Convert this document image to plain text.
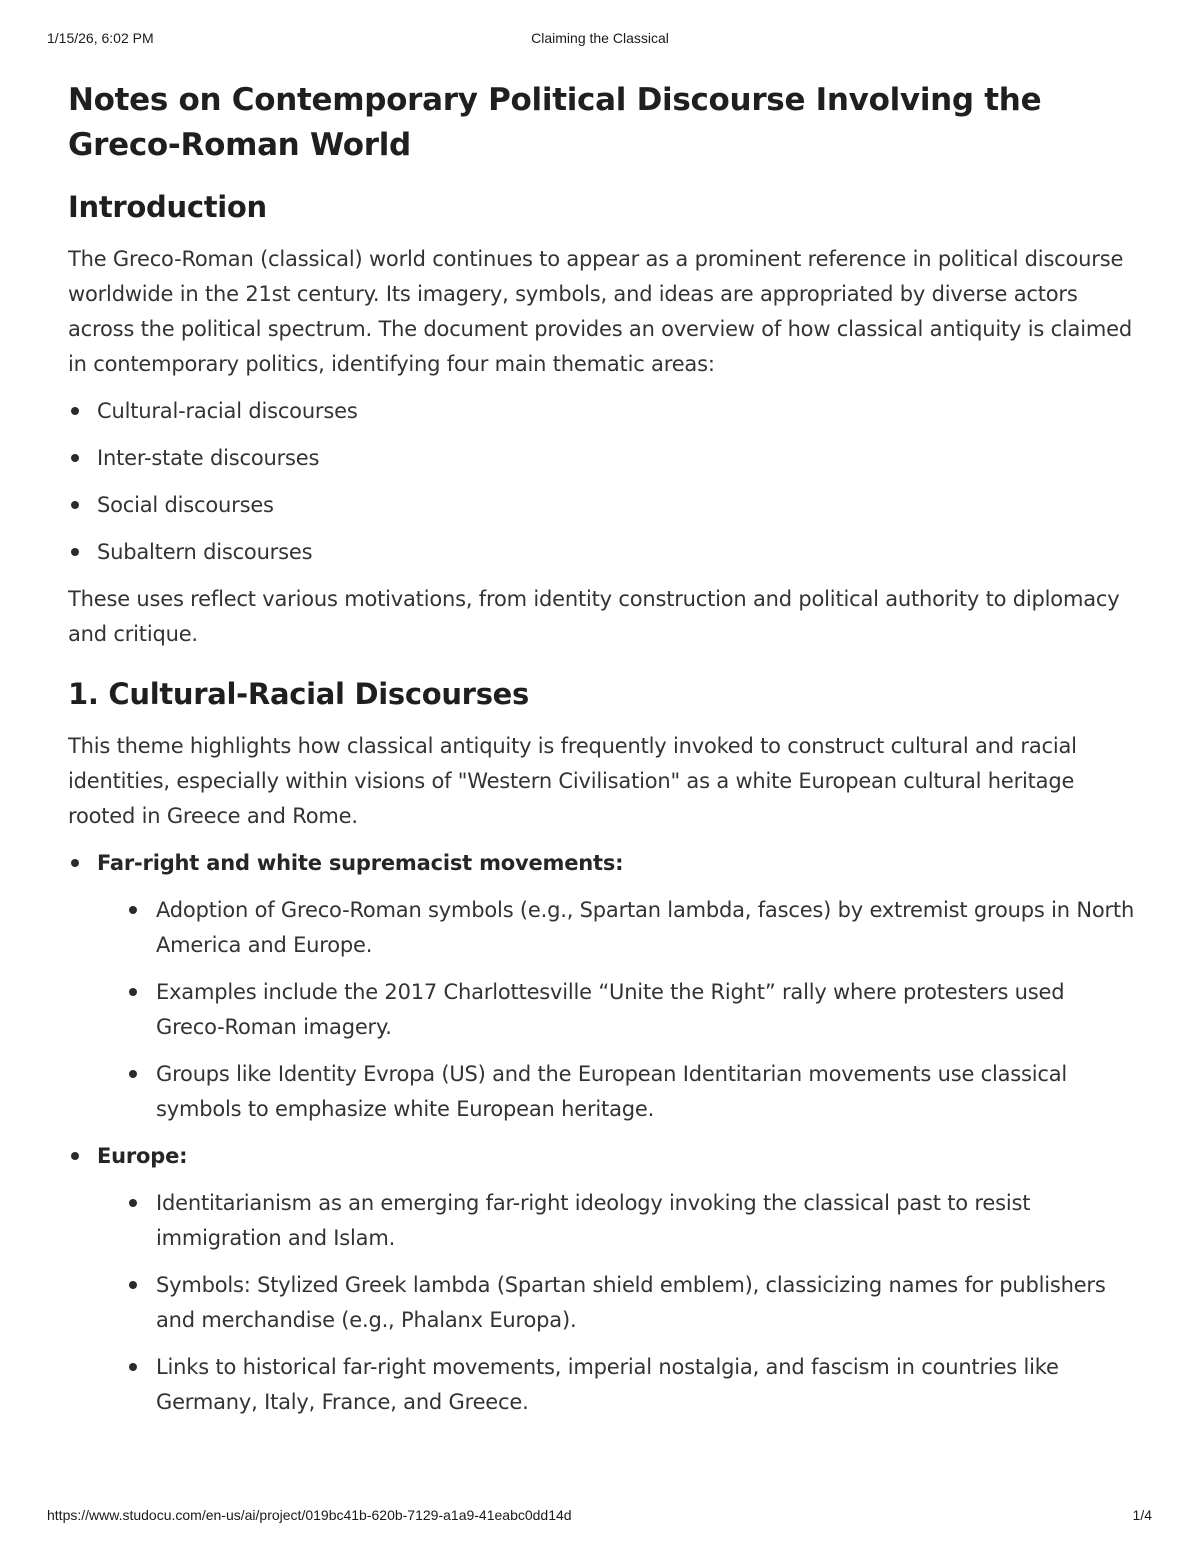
1/15/26, 6:02 PM	Claiming the Classical
Notes on Contemporary Political Discourse Involving the Greco-Roman World
Introduction

The Greco-Roman (classical) world continues to appear as a prominent reference in political discourse worldwide in the 21st century. Its imagery, symbols, and ideas are appropriated by diverse actors across the political spectrum. The document provides an overview of how classical antiquity is claimed in contemporary politics, identifying four main thematic areas:

Cultural-racial discourses
Inter-state discourses
Social discourses
Subaltern discourses

These uses reflect various motivations, from identity construction and political authority to diplomacy and critique.

1. Cultural-Racial Discourses

This theme highlights how classical antiquity is frequently invoked to construct cultural and racial identities, especially within visions of "Western Civilisation" as a white European cultural heritage rooted in Greece and Rome.

Far-right and white supremacist movements:
Adoption of Greco-Roman symbols (e.g., Spartan lambda, fasces) by extremist groups in North America and Europe.
Examples include the 2017 Charlottesville “Unite the Right” rally where protesters used Greco-Roman imagery.
Groups like Identity Evropa (US) and the European Identitarian movements use classical symbols to emphasize white European heritage.
Europe:
Identitarianism as an emerging far-right ideology invoking the classical past to resist immigration and Islam.
Symbols: Stylized Greek lambda (Spartan shield emblem), classicizing names for publishers and merchandise (e.g., Phalanx Europa).
Links to historical far-right movements, imperial nostalgia, and fascism in countries like Germany, Italy, France, and Greece.
https://www.studocu.com/en-us/ai/project/019bc41b-620b-7129-a1a9-41eabc0dd14d	1/4
